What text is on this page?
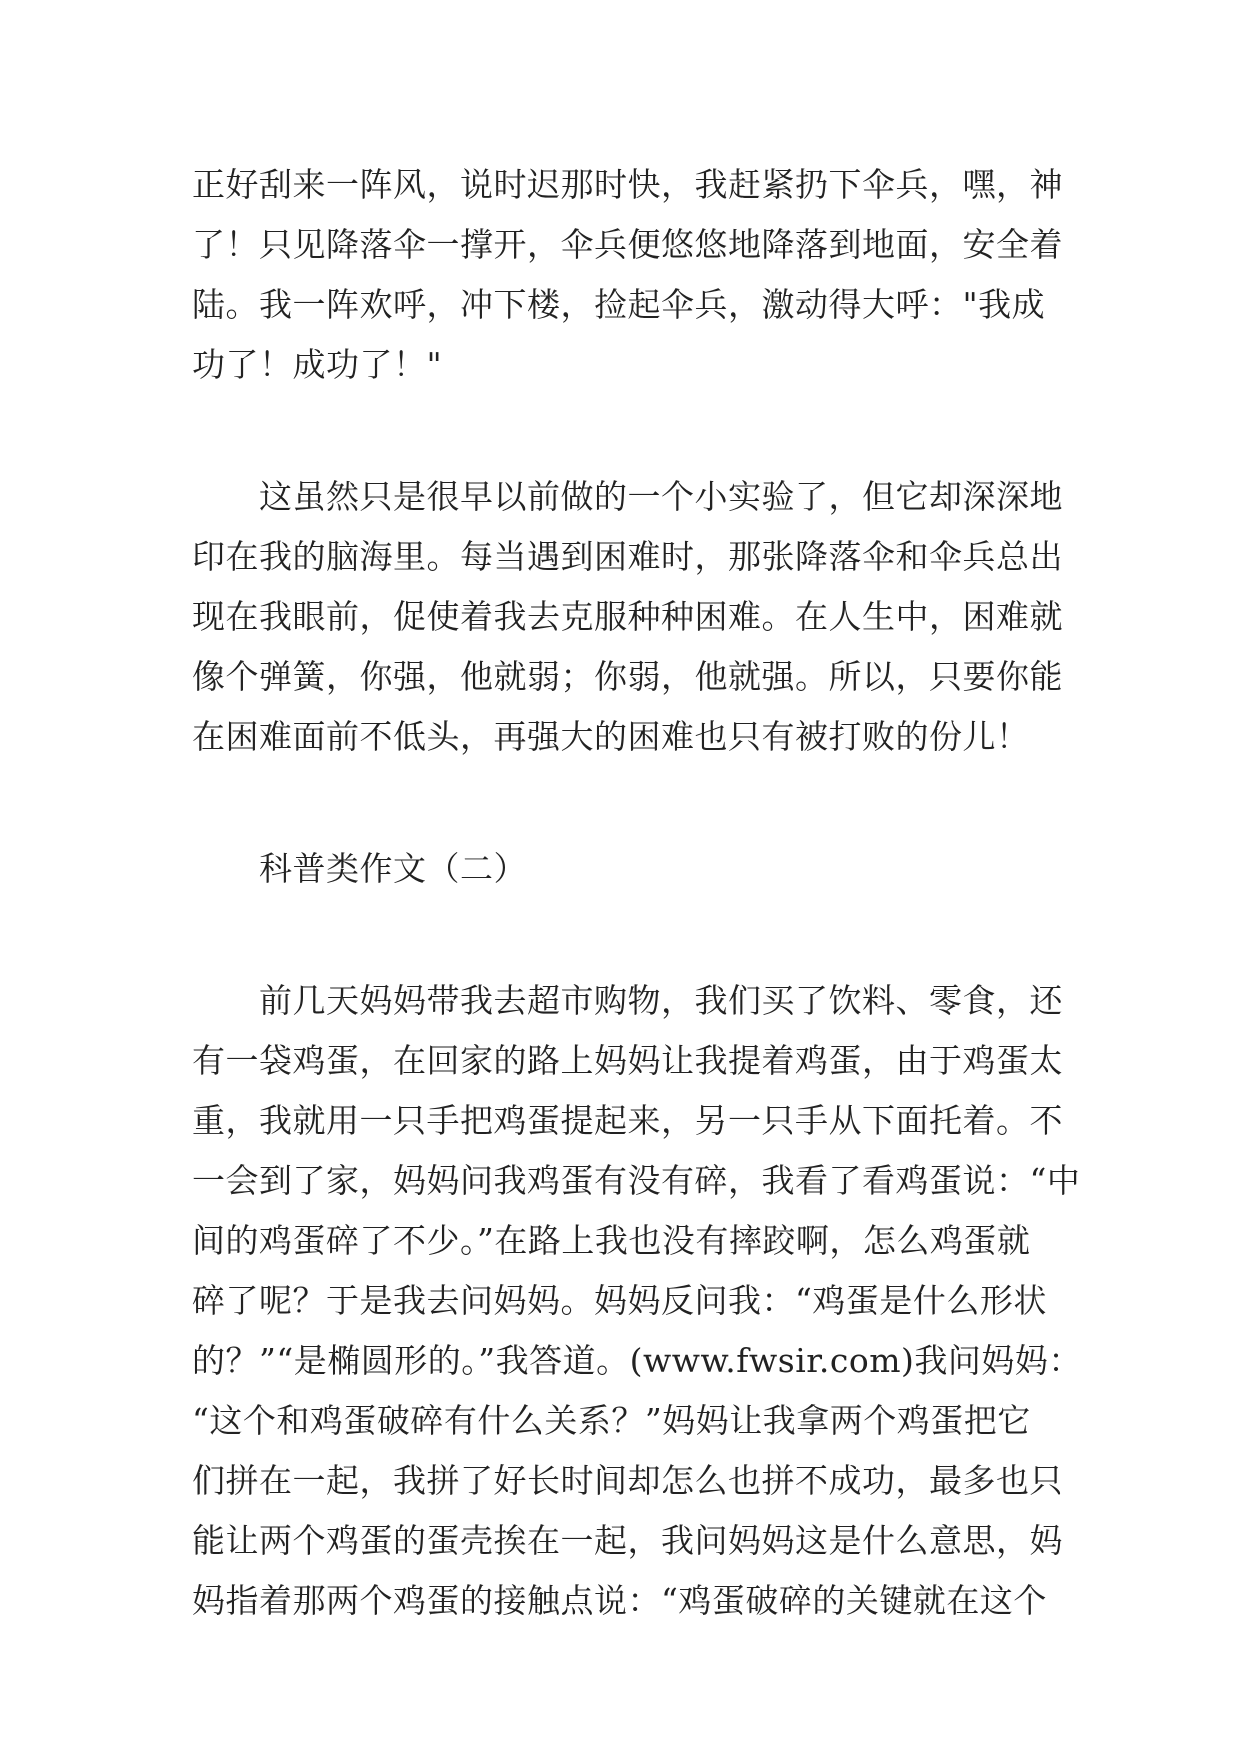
正好刮来一阵风，说时迟那时快，我赶紧扔下伞兵，嘿，神
了！只见降落伞一撑开，伞兵便悠悠地降落到地面，安全着
陆。我一阵欢呼，冲下楼，捡起伞兵，激动得大呼："我成
功了！成功了！"
　　这虽然只是很早以前做的一个小实验了，但它却深深地
印在我的脑海里。每当遇到困难时，那张降落伞和伞兵总出
现在我眼前，促使着我去克服种种困难。在人生中，困难就
像个弹簧，你强，他就弱；你弱，他就强。所以，只要你能
在困难面前不低头，再强大的困难也只有被打败的份儿！
　　科普类作文（二）
　　前几天妈妈带我去超市购物，我们买了饮料、零食，还
有一袋鸡蛋，在回家的路上妈妈让我提着鸡蛋，由于鸡蛋太
重，我就用一只手把鸡蛋提起来，另一只手从下面托着。不
一会到了家，妈妈问我鸡蛋有没有碎，我看了看鸡蛋说：“中
间的鸡蛋碎了不少。”在路上我也没有摔跤啊，怎么鸡蛋就
碎了呢？于是我去问妈妈。妈妈反问我：“鸡蛋是什么形状
的？”“是椭圆形的。”我答道。(www.fwsir.com)我问妈妈：
“这个和鸡蛋破碎有什么关系？”妈妈让我拿两个鸡蛋把它
们拼在一起，我拼了好长时间却怎么也拼不成功，最多也只
能让两个鸡蛋的蛋壳挨在一起，我问妈妈这是什么意思，妈
妈指着那两个鸡蛋的接触点说：“鸡蛋破碎的关键就在这个
